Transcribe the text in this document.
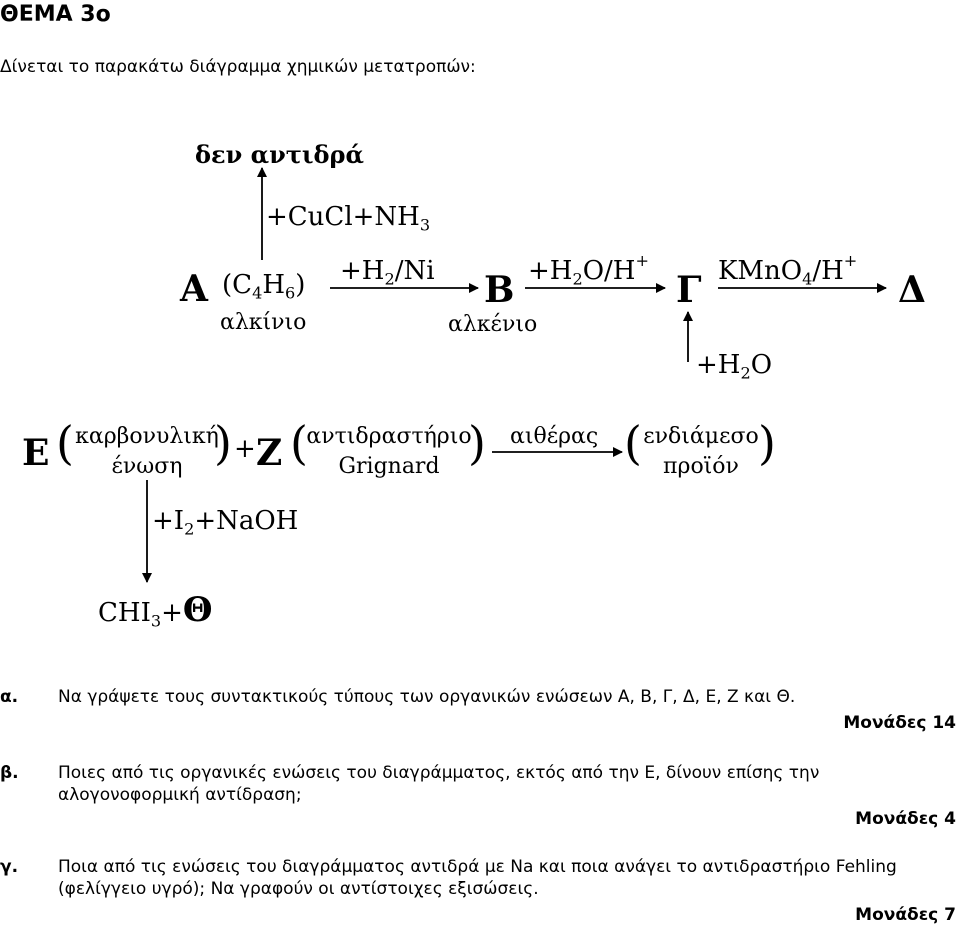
ΘΕΜΑ 3ο
Δίνεται το παρακάτω διάγραμμα χημικών μετατροπών:
δεν αντιδρά
$+CuCl+NH_3$
A $(C_4H_6)$
αλκίνιο
$+H_2/Ni$ B
αλκένιο
$+H_2O/H^+$
Γ KMnO$_4$/H+
Δ
$+H_2O$
E ( καρβονυλική
ένωση ) + Z (
αντιδραστήριο
Grignard ) αιθέρας ( ενδιάμεσο
προϊόν )
$+I_2+NaOH$
$CHI_3+\Theta$
α. Να γράψετε τους συντακτικούς τύπους των οργανικών ενώσεων Α, Β, Γ, Δ, Ε, Ζ και Θ.
Μονάδες 14
β. Ποιες από τις οργανικές ενώσεις του διαγράμματος, εκτός από την Ε, δίνουν επίσης την αλογονοφορμική αντίδραση;
Μονάδες 4
γ. Ποια από τις ενώσεις του διαγράμματος αντιδρά με Na και ποια ανάγει το αντιδραστήριο Fehling (φελίγγειο υγρό); Να γραφούν οι αντίστοιχες εξισώσεις.
Μονάδες 7
